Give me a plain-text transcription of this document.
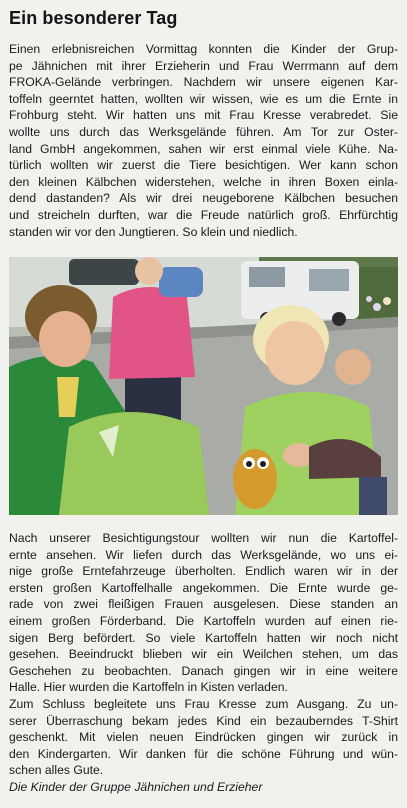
Ein besonderer Tag
Einen erlebnisreichen Vormittag konnten die Kinder der Grup-
pe Jähnichen mit ihrer Erzieherin und Frau Werrmann auf dem
FROKA-Gelände verbringen. Nachdem wir unsere eigenen Kar-
toffeln geerntet hatten, wollten wir wissen, wie es um die Ernte in
Frohburg steht. Wir hatten uns mit Frau Kresse verabredet. Sie
wollte uns durch das Werksgelände führen. Am Tor zur Oster-
land GmbH angekommen, sahen wir erst einmal viele Kühe. Na-
türlich wollten wir zuerst die Tiere besichtigen. Wer kann schon
den kleinen Kälbchen widerstehen, welche in ihren Boxen einla-
dend dastanden? Als wir drei neugeborene Kälbchen besuchen
und streicheln durften, war die Freude natürlich groß. Ehrfürchtig
standen wir vor den Jungtieren. So klein und niedlich.
Nach unserer Besichtigungstour wollten wir nun die Kartoffel-
ernte ansehen. Wir liefen durch das Werksgelände, wo uns ei-
nige große Erntefahrzeuge überholten. Endlich waren wir in der
ersten großen Kartoffelhalle angekommen. Die Ernte wurde ge-
rade von zwei fleißigen Frauen ausgelesen. Diese standen an
einem großen Förderband. Die Kartoffeln wurden auf einen rie-
sigen Berg befördert. So viele Kartoffeln hatten wir noch nicht
gesehen. Beeindruckt blieben wir ein Weilchen stehen, um das
Geschehen zu beobachten. Danach gingen wir in eine weitere
Halle. Hier wurden die Kartoffeln in Kisten verladen.
Zum Schluss begleitete uns Frau Kresse zum Ausgang. Zu un-
serer Überraschung bekam jedes Kind ein bezauberndes T-Shirt
geschenkt. Mit vielen neuen Eindrücken gingen wir zurück in
den Kindergarten. Wir danken für die schöne Führung und wün-
schen alles Gute.
Die Kinder der Gruppe Jähnichen und Erzieher
